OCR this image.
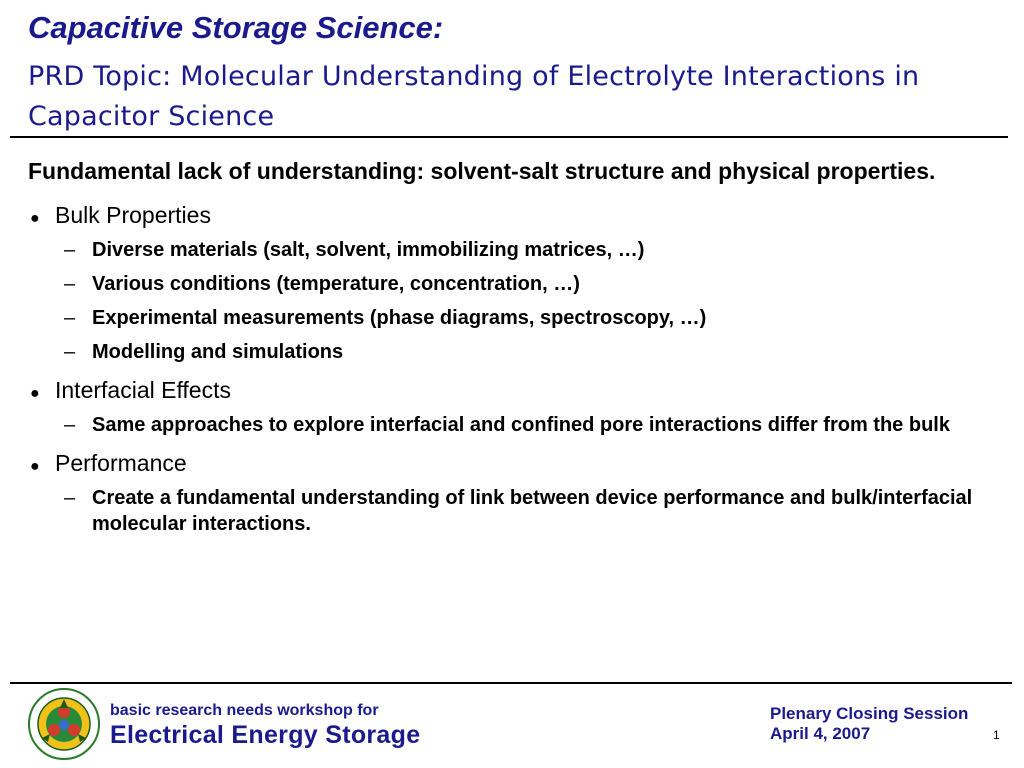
Capacitive Storage Science:
PRD Topic: Molecular Understanding of Electrolyte Interactions in Capacitor Science

Fundamental lack of understanding: solvent-salt structure and physical properties.

● Bulk Properties
– Diverse materials (salt, solvent, immobilizing matrices, …)
– Various conditions (temperature, concentration, …)
– Experimental measurements (phase diagrams, spectroscopy, …)
– Modelling and simulations
● Interfacial Effects
– Same approaches to explore interfacial and confined pore interactions differ from the bulk
● Performance
– Create a fundamental understanding of link between device performance and bulk/interfacial molecular interactions.
basic research needs workshop for
Electrical Energy Storage
Plenary Closing Session
April 4, 2007	1
